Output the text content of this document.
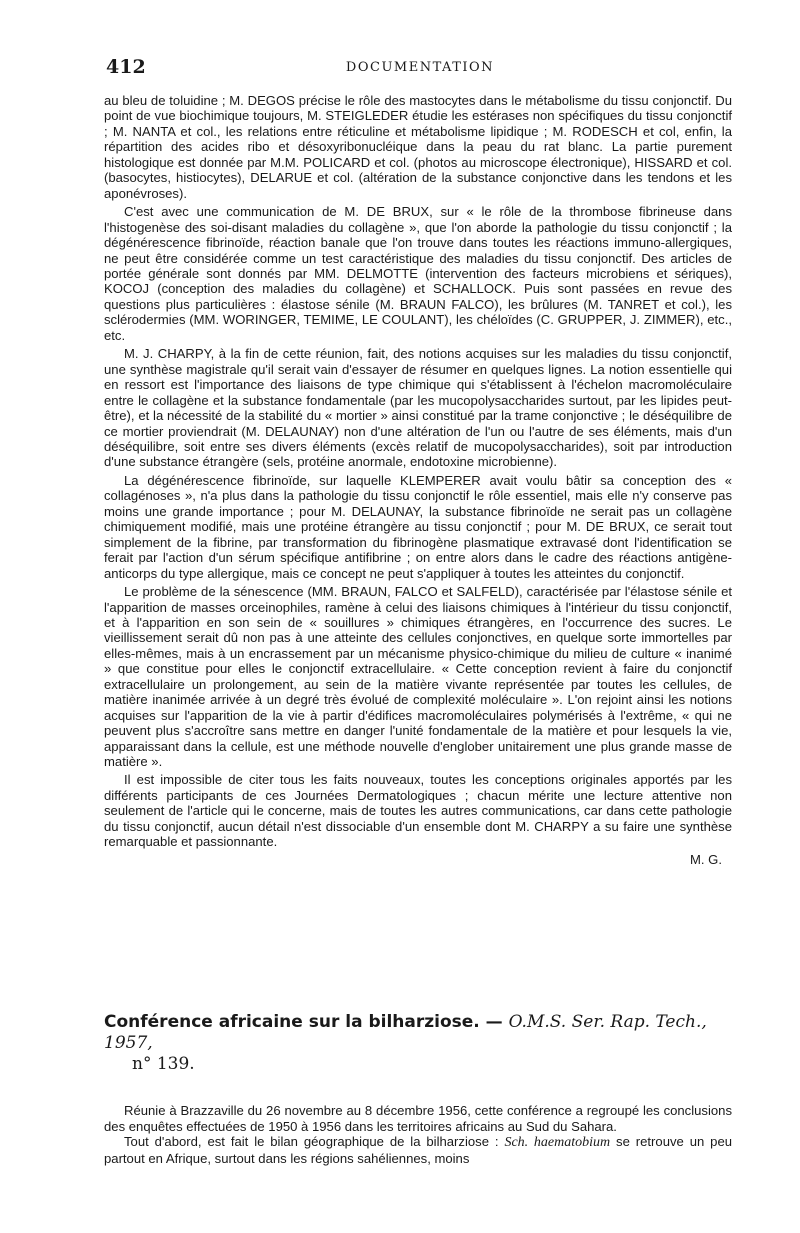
412	DOCUMENTATION

au bleu de toluidine ; M. DEGOS précise le rôle des mastocytes dans le métabolisme du tissu conjonctif. Du point de vue biochimique toujours, M. STEIGLEDER étudie les estérases non spécifiques du tissu conjonctif ; M. NANTA et col., les relations entre réticuline et métabolisme lipidique ; M. RODESCH et col, enfin, la répartition des acides ribo et désoxyribonucléique dans la peau du rat blanc. La partie purement histologique est donnée par M.M. POLICARD et col. (photos au microscope électronique), HISSARD et col. (basocytes, histiocytes), DELARUE et col. (altération de la substance conjonctive dans les tendons et les aponévroses).

C'est avec une communication de M. DE BRUX, sur « le rôle de la thrombose fibrineuse dans l'histogenèse des soi-disant maladies du collagène », que l'on aborde la pathologie du tissu conjonctif ; la dégénérescence fibrinoïde, réaction banale que l'on trouve dans toutes les réactions immuno-allergiques, ne peut être considérée comme un test caractéristique des maladies du tissu conjonctif. Des articles de portée générale sont donnés par MM. DELMOTTE (intervention des facteurs microbiens et sériques), KOCOJ (conception des maladies du collagène) et SCHALLOCK. Puis sont passées en revue des questions plus particulières : élastose sénile (M. BRAUN FALCO), les brûlures (M. TANRET et col.), les sclérodermies (MM. WORINGER, TEMIME, LE COULANT), les chéloïdes (C. GRUPPER, J. ZIMMER), etc., etc.

M. J. CHARPY, à la fin de cette réunion, fait, des notions acquises sur les maladies du tissu conjonctif, une synthèse magistrale qu'il serait vain d'essayer de résumer en quelques lignes. La notion essentielle qui en ressort est l'importance des liaisons de type chimique qui s'établissent à l'échelon macromoléculaire entre le collagène et la substance fondamentale (par les mucopolysaccharides surtout, par les lipides peut-être), et la nécessité de la stabilité du « mortier » ainsi constitué par la trame conjonctive ; le déséquilibre de ce mortier proviendrait (M. DELAUNAY) non d'une altération de l'un ou l'autre de ses éléments, mais d'un déséquilibre, soit entre ses divers éléments (excès relatif de mucopolysaccharides), soit par introduction d'une substance étrangère (sels, protéine anormale, endotoxine microbienne).

La dégénérescence fibrinoïde, sur laquelle KLEMPERER avait voulu bâtir sa conception des « collagénoses », n'a plus dans la pathologie du tissu conjonctif le rôle essentiel, mais elle n'y conserve pas moins une grande importance ; pour M. DELAUNAY, la substance fibrinoïde ne serait pas un collagène chimiquement modifié, mais une protéine étrangère au tissu conjonctif ; pour M. DE BRUX, ce serait tout simplement de la fibrine, par transformation du fibrinogène plasmatique extravasé dont l'identification se ferait par l'action d'un sérum spécifique antifibrine ; on entre alors dans le cadre des réactions antigène-anticorps du type allergique, mais ce concept ne peut s'appliquer à toutes les atteintes du conjonctif.

Le problème de la sénescence (MM. BRAUN, FALCO et SALFELD), caractérisée par l'élastose sénile et l'apparition de masses orceinophiles, ramène à celui des liaisons chimiques à l'intérieur du tissu conjonctif, et à l'apparition en son sein de « souillures » chimiques étrangères, en l'occurrence des sucres. Le vieillissement serait dû non pas à une atteinte des cellules conjonctives, en quelque sorte immortelles par elles-mêmes, mais à un encrassement par un mécanisme physico-chimique du milieu de culture « inanimé » que constitue pour elles le conjonctif extracellulaire. « Cette conception revient à faire du conjonctif extracellulaire un prolongement, au sein de la matière vivante représentée par toutes les cellules, de matière inanimée arrivée à un degré très évolué de complexité moléculaire ». L'on rejoint ainsi les notions acquises sur l'apparition de la vie à partir d'édifices macromoléculaires polymérisés à l'extrême, « qui ne peuvent plus s'accroître sans mettre en danger l'unité fondamentale de la matière et pour lesquels la vie, apparaissant dans la cellule, est une méthode nouvelle d'englober unitairement une plus grande masse de matière ».

Il est impossible de citer tous les faits nouveaux, toutes les conceptions originales apportés par les différents participants de ces Journées Dermatologiques ; chacun mérite une lecture attentive non seulement de l'article qui le concerne, mais de toutes les autres communications, car dans cette pathologie du tissu conjonctif, aucun détail n'est dissociable d'un ensemble dont M. CHARPY a su faire une synthèse remarquable et passionnante.

M. G.

Conférence africaine sur la bilharziose. — O.M.S. Ser. Rap. Tech., 1957,
n° 139.

Réunie à Brazzaville du 26 novembre au 8 décembre 1956, cette conférence a regroupé les conclusions des enquêtes effectuées de 1950 à 1956 dans les territoires africains au Sud du Sahara.

Tout d'abord, est fait le bilan géographique de la bilharziose : Sch. haematobium se retrouve un peu partout en Afrique, surtout dans les régions sahéliennes, moins
